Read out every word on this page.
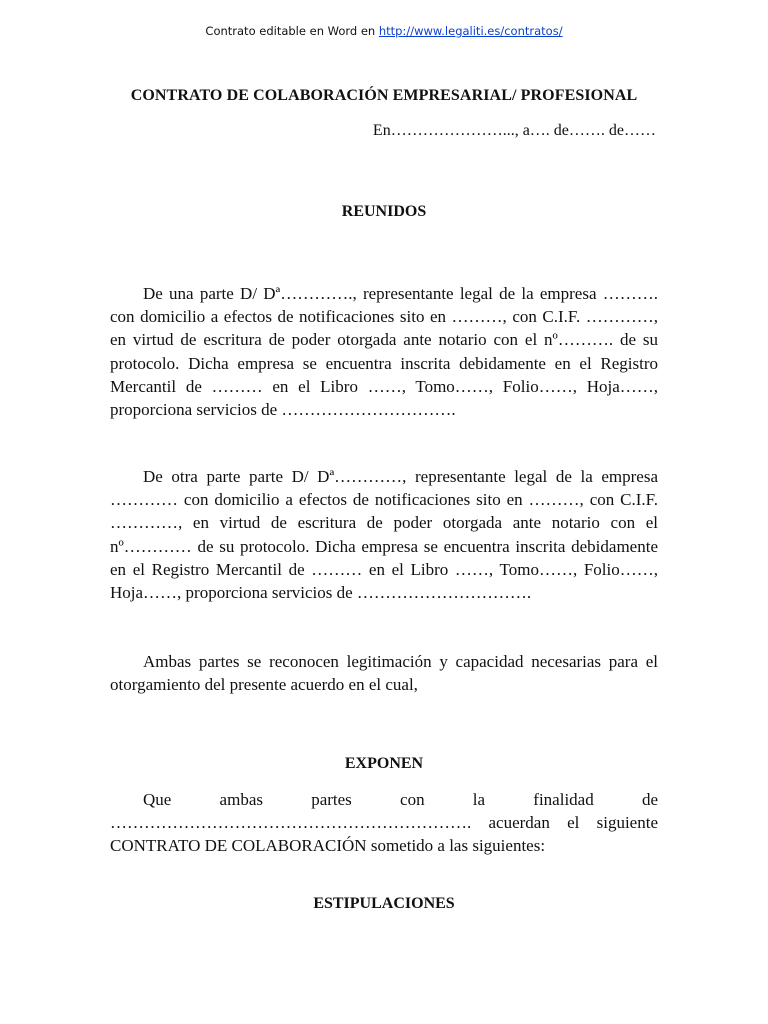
Contrato editable en Word en http://www.legaliti.es/contratos/
CONTRATO DE COLABORACIÓN EMPRESARIAL/ PROFESIONAL
En…………………..., a…. de……. de……
REUNIDOS

De una parte D/ Dª…………., representante legal de la empresa ………. con domicilio a efectos de notificaciones sito en ………, con C.I.F. …………, en virtud de escritura de poder otorgada ante notario con el nº………. de su protocolo. Dicha empresa se encuentra inscrita debidamente en el Registro Mercantil de ……… en el Libro ……, Tomo……, Folio……, Hoja……, proporciona servicios de ………………………….

De otra parte parte D/ Dª…………, representante legal de la empresa ………… con domicilio a efectos de notificaciones sito en ………, con C.I.F. …………, en virtud de escritura de poder otorgada ante notario con el nº………… de su protocolo. Dicha empresa se encuentra inscrita debidamente en el Registro Mercantil de ……… en el Libro ……, Tomo……, Folio……, Hoja……, proporciona servicios de ………………………….

Ambas partes se reconocen legitimación y capacidad necesarias para el otorgamiento del presente acuerdo en el cual,

EXPONEN

Que ambas partes con la finalidad de ………………………………………………………. acuerdan el siguiente CONTRATO DE COLABORACIÓN sometido a las siguientes:

ESTIPULACIONES
